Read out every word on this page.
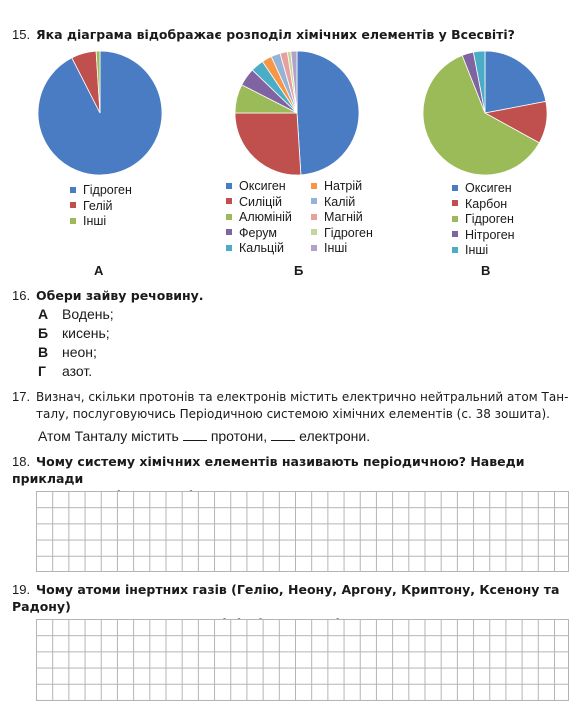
15. Яка діаграма відображає розподіл хімічних елементів у Всесвіті?
Гідроген
Гелій
Інші
Оксиген
Силіцій
Алюміній
Ферум
Кальцій
Натрій
Калій
Магній
Гідроген
Інші
Оксиген
Карбон
Гідроген
Нітроген
Інші
А	Б	В
16. Обери зайву речовину.
А Водень;
Б кисень;
В неон;
Г азот.
17. Визнач, скільки протонів та електронів містить електрично нейтральний атом Тан-
талу, послуговуючись Періодичною системою хімічних елементів (с. 38 зошита).
Атом Танталу містить протони, електрони.
18. Чому систему хімічних елементів називають періодичною? Наведи приклади
19. Чому атоми інертних газів (Гелію, Неону, Аргону, Криптону, Ксенону та Радону)
